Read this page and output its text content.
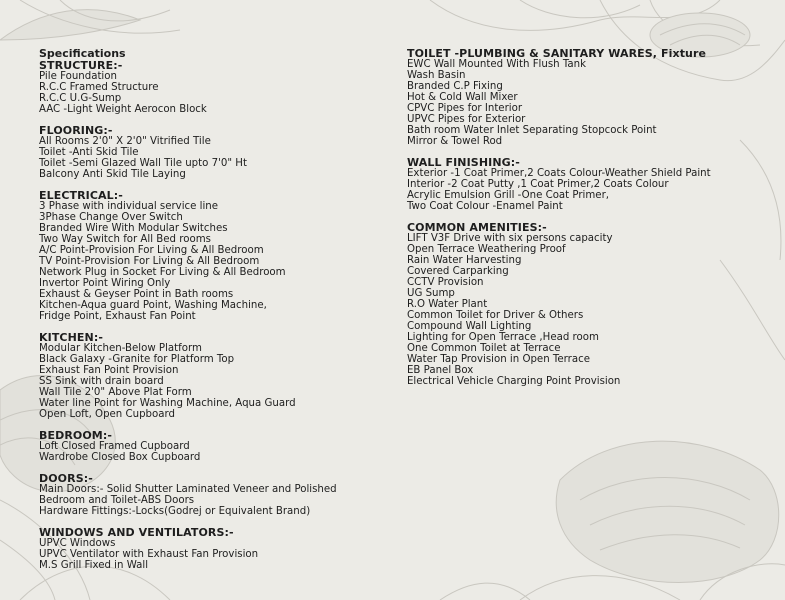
Specifications
STRUCTURE:-
Pile Foundation
R.C.C Framed Structure
R.C.C U.G-Sump
AAC -Light Weight Aerocon Block
FLOORING:-
All Rooms 2'0" X 2'0" Vitrified Tile
Toilet -Anti Skid Tile
Toilet -Semi Glazed Wall Tile upto 7'0" Ht
Balcony Anti Skid Tile Laying
ELECTRICAL:-
3 Phase with individual service line
3Phase Change Over Switch
Branded Wire With Modular Switches
Two Way Switch for All Bed rooms
A/C Point-Provision For Living & All Bedroom
TV Point-Provision For Living & All Bedroom
Network Plug in Socket For Living & All Bedroom
Invertor Point Wiring Only
Exhaust & Geyser Point in Bath rooms
Kitchen-Aqua guard Point, Washing Machine,
Fridge Point, Exhaust Fan Point
KITCHEN:-
Modular Kitchen-Below Platform
Black Galaxy -Granite for Platform Top
Exhaust Fan Point Provision
SS Sink with drain board
Wall Tile 2'0" Above Plat Form
Water line Point for Washing Machine, Aqua Guard
Open Loft, Open Cupboard
BEDROOM:-
Loft Closed Framed Cupboard
Wardrobe Closed Box Cupboard
DOORS:-
Main Doors:- Solid Shutter Laminated Veneer and Polished
Bedroom and Toilet-ABS Doors
Hardware Fittings:-Locks(Godrej or Equivalent Brand)
WINDOWS AND VENTILATORS:-
UPVC Windows
UPVC Ventilator with Exhaust Fan Provision
M.S Grill Fixed in Wall
TOILET -PLUMBING & SANITARY WARES, Fixture
EWC Wall Mounted With Flush Tank
Wash Basin
Branded C.P Fixing
Hot & Cold Wall Mixer
CPVC Pipes for Interior
UPVC Pipes for Exterior
Bath room Water Inlet Separating Stopcock Point
Mirror & Towel Rod
WALL FINISHING:-
Exterior -1 Coat Primer,2 Coats Colour-Weather Shield Paint
Interior -2 Coat Putty ,1 Coat Primer,2 Coats Colour
Acrylic Emulsion Grill -One Coat Primer,
Two Coat Colour -Enamel Paint
COMMON AMENITIES:-
LIFT V3F Drive with six persons capacity
Open Terrace Weathering Proof
Rain Water Harvesting
Covered Carparking
CCTV Provision
UG Sump
R.O Water Plant
Common Toilet for Driver & Others
Compound Wall Lighting
Lighting for Open Terrace ,Head room
One Common Toilet at Terrace
Water Tap Provision in Open Terrace
EB Panel Box
Electrical Vehicle Charging Point Provision
